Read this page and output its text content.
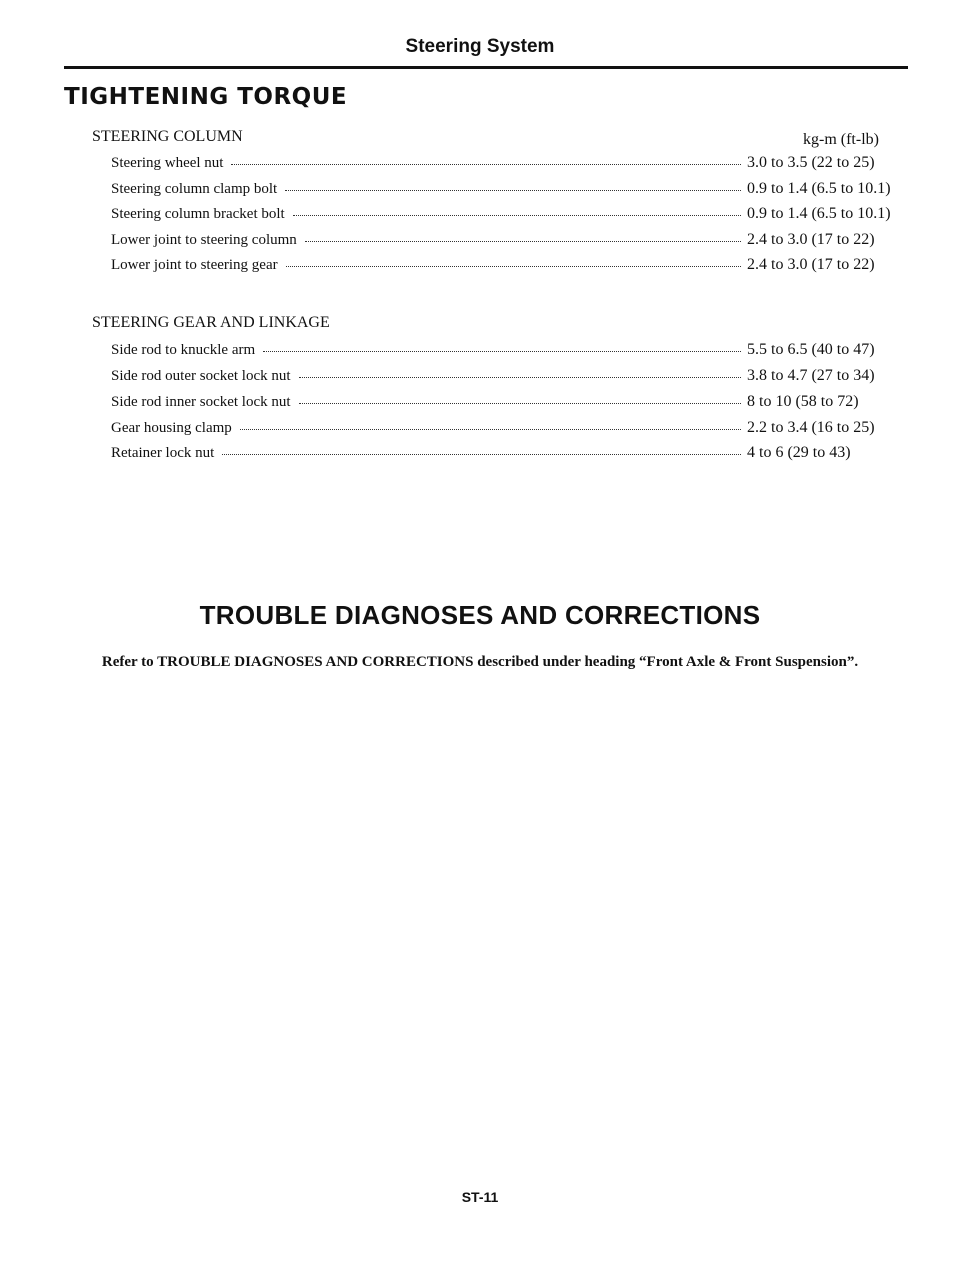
Steering System
TIGHTENING TORQUE
STEERING COLUMN	kg-m (ft-lb)
Steering wheel nut	3.0 to 3.5 (22 to 25)
Steering column clamp bolt	0.9 to 1.4 (6.5 to 10.1)
Steering column bracket bolt	0.9 to 1.4 (6.5 to 10.1)
Lower joint to steering column	2.4 to 3.0 (17 to 22)
Lower joint to steering gear	2.4 to 3.0 (17 to 22)
STEERING GEAR AND LINKAGE
Side rod to knuckle arm	5.5 to 6.5 (40 to 47)
Side rod outer socket lock nut	3.8 to 4.7 (27 to 34)
Side rod inner socket lock nut	8 to 10 (58 to 72)
Gear housing clamp	2.2 to 3.4 (16 to 25)
Retainer lock nut	4 to 6 (29 to 43)
TROUBLE DIAGNOSES AND CORRECTIONS
Refer to TROUBLE DIAGNOSES AND CORRECTIONS described under heading “Front Axle & Front Suspension”.
ST-11
